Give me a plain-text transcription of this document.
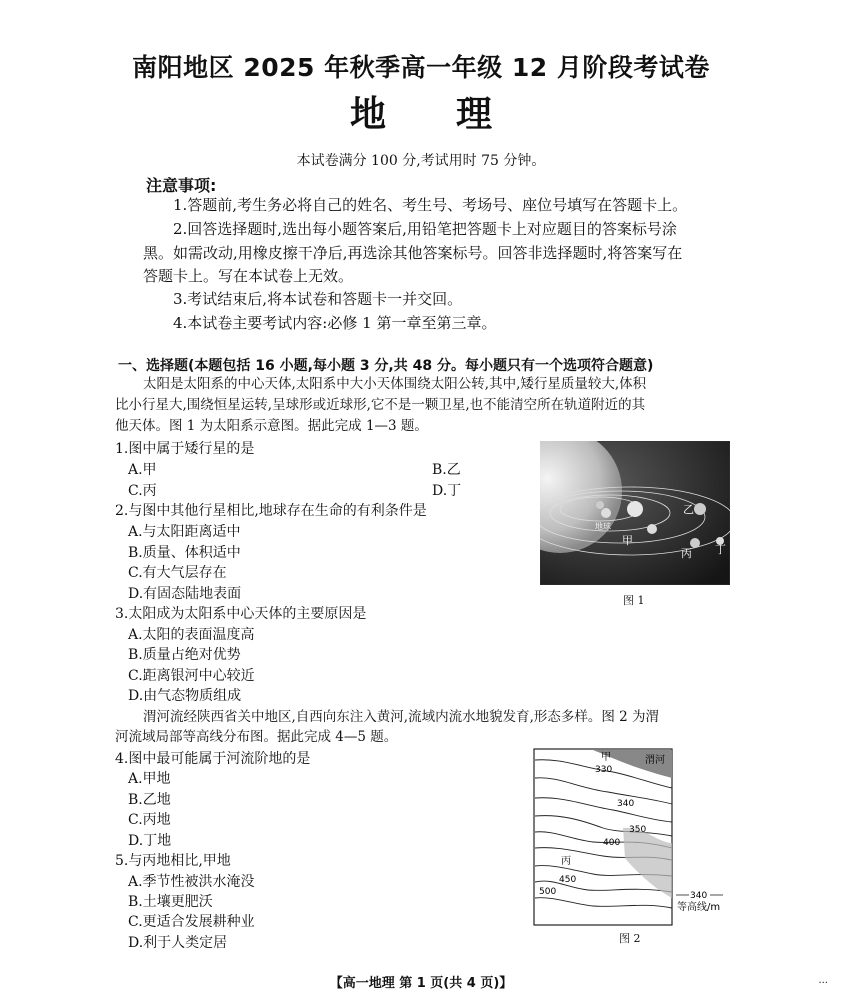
南阳地区 2025 年秋季高一年级 12 月阶段考试卷
地理
本试卷满分 100 分,考试用时 75 分钟。
注意事项:
1.答题前,考生务必将自己的姓名、考生号、考场号、座位号填写在答题卡上。
2.回答选择题时,选出每小题答案后,用铅笔把答题卡上对应题目的答案标号涂
黑。如需改动,用橡皮擦干净后,再选涂其他答案标号。回答非选择题时,将答案写在
答题卡上。写在本试卷上无效。
3.考试结束后,将本试卷和答题卡一并交回。
4.本试卷主要考试内容:必修 1 第一章至第三章。
一、选择题(本题包括 16 小题,每小题 3 分,共 48 分。每小题只有一个选项符合题意)
太阳是太阳系的中心天体,太阳系中大小天体围绕太阳公转,其中,矮行星质量较大,体积
比小行星大,围绕恒星运转,呈球形或近球形,它不是一颗卫星,也不能清空所在轨道附近的其
他天体。图 1 为太阳系示意图。据此完成 1—3 题。
1.图中属于矮行星的是
A.甲	B.乙
C.丙	D.丁
2.与图中其他行星相比,地球存在生命的有利条件是
A.与太阳距离适中
B.质量、体积适中
C.有大气层存在
D.有固态陆地表面
3.太阳成为太阳系中心天体的主要原因是
A.太阳的表面温度高
B.质量占绝对优势
C.距离银河中心较近
D.由气态物质组成
地球
甲
乙
丙 丁
图 1
渭河流经陕西省关中地区,自西向东注入黄河,流域内流水地貌发育,形态多样。图 2 为渭
河流域局部等高线分布图。据此完成 4—5 题。
4.图中最可能属于河流阶地的是
A.甲地
B.乙地
C.丙地
D.丁地
5.与丙地相比,甲地
A.季节性被洪水淹没
B.土壤更肥沃
C.更适合发展耕种业
D.利于人类定居
甲	渭河
330
340
350
400
丙
450
500	340
等高线/m
图 2
【高一地理 第 1 页(共 4 页)】	...
